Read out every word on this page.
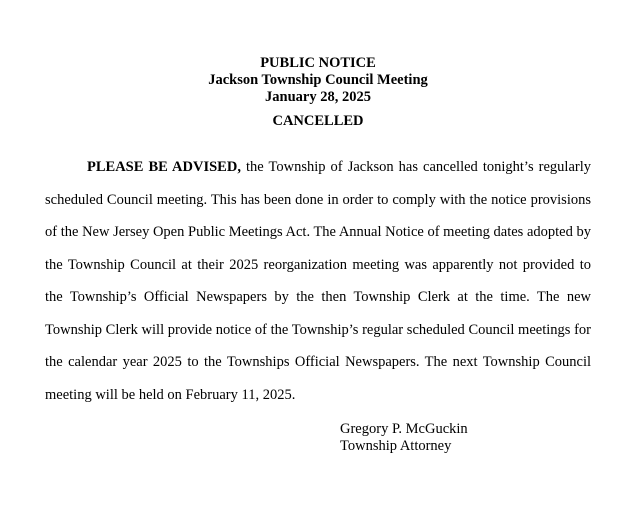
PUBLIC NOTICE
Jackson Township Council Meeting
January 28, 2025
CANCELLED

PLEASE BE ADVISED, the Township of Jackson has cancelled tonight’s regularly scheduled Council meeting. This has been done in order to comply with the notice provisions of the New Jersey Open Public Meetings Act. The Annual Notice of meeting dates adopted by the Township Council at their 2025 reorganization meeting was apparently not provided to the Township’s Official Newspapers by the then Township Clerk at the time. The new Township Clerk will provide notice of the Township’s regular scheduled Council meetings for the calendar year 2025 to the Townships Official Newspapers. The next Township Council meeting will be held on February 11, 2025.

Gregory P. McGuckin
Township Attorney
